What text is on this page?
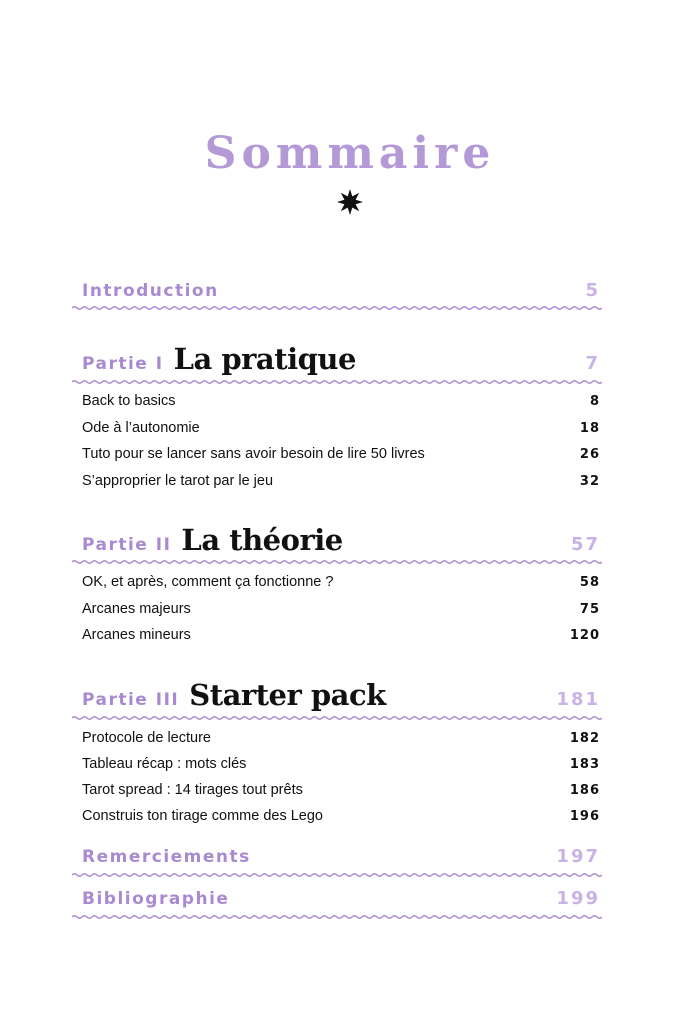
Sommaire
Introduction	5
Partie I La pratique	7
Back to basics	8
Ode à l’autonomie	18
Tuto pour se lancer sans avoir besoin de lire 50 livres	26
S’approprier le tarot par le jeu	32
Partie II La théorie	57
OK, et après, comment ça fonctionne ?	58
Arcanes majeurs	75
Arcanes mineurs	120
Partie III Starter pack	181
Protocole de lecture	182
Tableau récap : mots clés	183
Tarot spread : 14 tirages tout prêts	186
Construis ton tirage comme des Lego	196
Remerciements	197
Bibliographie	199
